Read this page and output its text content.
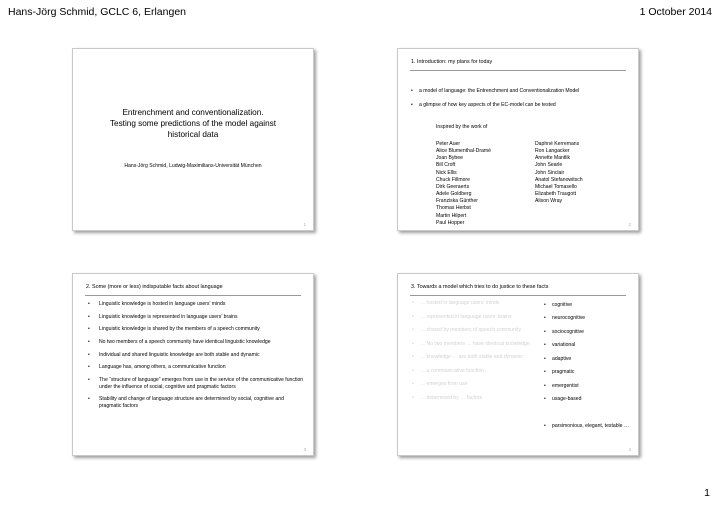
Hans-Jörg Schmid, GCLC 6, Erlangen	1 October 2014
Entrenchment and conventionalization.
Testing some predictions of the model against
historical data
Hans-Jörg Schmid, Ludwig-Maximilians-Universität München
1
1. Introduction: my plans for today
• a model of language: the Entrenchment and Conventionalization Model
• a glimpse of how key aspects of the EC-model can be tested
Inspired by the work of
Peter Auer
Alice Blumenthal-Dramé
Joan Bybee
Bill Croft
Nick Ellis
Chuck Fillmore
Dirk Geeraerts
Adele Goldberg
Franziska Günther
Thomas Herbst
Martin Hilpert
Paul Hopper
Daphné Kerremans
Ron Langacker
Annette Mantlik
John Searle
John Sinclair
Anatol Stefanowitsch
Michael Tomasello
Elizabeth Traugott
Alison Wray
2
2. Some (more or less) indisputable facts about language
• Linguistic knowledge is hosted in language users’ minds
• Linguistic knowledge is represented in language users’ brains
• Linguistic knowledge is shared by the members of a speech community
• No two members of a speech community have identical linguistic knowledge
• Individual and shared linguistic knowledge are both stable and dynamic
• Language has, among others, a communicative function
• The “structure of language” emerges from use in the service of the communicative function under the influence of social, cognitive and pragmatic factors
• Stability and change of language structure are determined by social, cognitive and pragmatic factors
3
3. Towards a model which tries to do justice to these facts
• … hosted in language users’ minds
• … represented in language users’ brains
• … shared by members of speech community
• … No two members … have identical knowledge
• … knowledge … are both stable and dynamic
• … a communicative function
• … emerges from use
• … determined by … factors
• cognitive
• neurocognitive
• sociocognitive
• variational
• adaptive
• pragmatic
• emergentist
• usage-based
• parsimonious, elegant, testable …
4
1
